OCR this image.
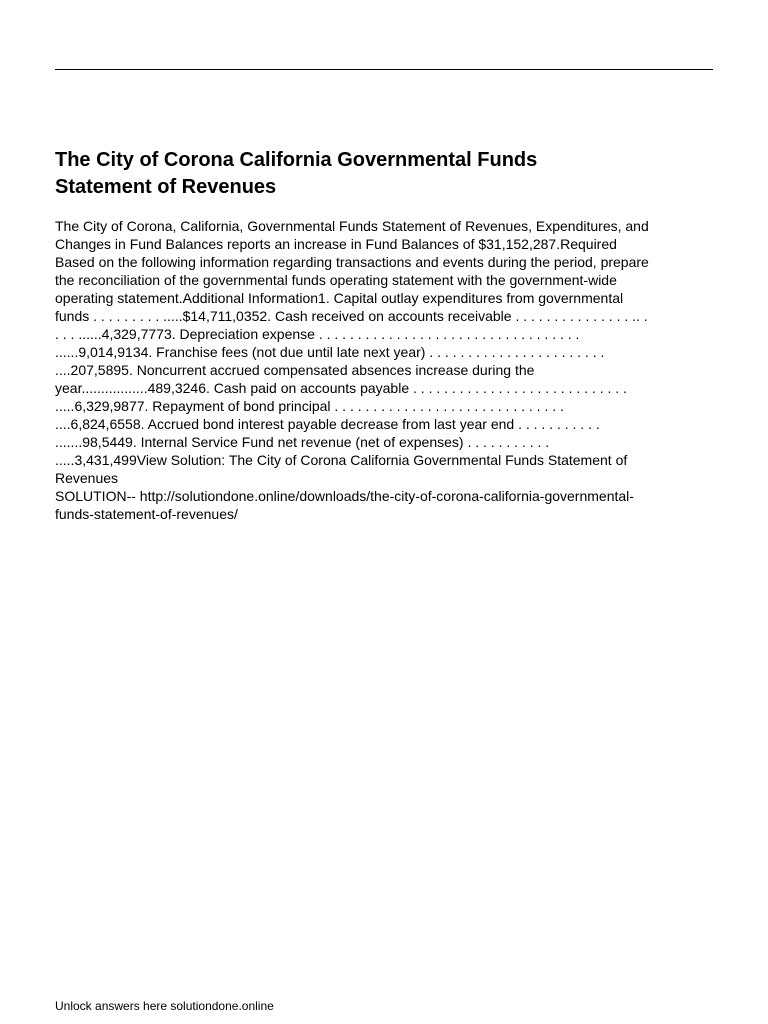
The City of Corona California Governmental Funds
Statement of Revenues

The City of Corona, California, Governmental Funds Statement of Revenues, Expenditures, and

Changes in Fund Balances reports an increase in Fund Balances of $31,152,287.Required

Based on the following information regarding transactions and events during the period, prepare

the reconciliation of the governmental funds operating statement with the government-wide

operating statement.Additional Information1. Capital outlay expenditures from governmental

funds . . . . . . . . . .....$14,711,0352. Cash received on accounts receivable . . . . . . . . . . . . . . . .. .

. . . ......4,329,7773. Depreciation expense . . . . . . . . . . . . . . . . . . . . . . . . . . . . . . . . . .

......9,014,9134. Franchise fees (not due until late next year) . . . . . . . . . . . . . . . . . . . . . . .

....207,5895. Noncurrent accrued compensated absences increase during the

year.................489,3246. Cash paid on accounts payable . . . . . . . . . . . . . . . . . . . . . . . . . . . .

.....6,329,9877. Repayment of bond principal . . . . . . . . . . . . . . . . . . . . . . . . . . . . . .

....6,824,6558. Accrued bond interest payable decrease from last year end . . . . . . . . . . .

.......98,5449. Internal Service Fund net revenue (net of expenses) . . . . . . . . . . .

.....3,431,499View Solution: The City of Corona California Governmental Funds Statement of

Revenues

SOLUTION-- http://solutiondone.online/downloads/the-city-of-corona-california-governmental-

funds-statement-of-revenues/

Unlock answers here solutiondone.online
